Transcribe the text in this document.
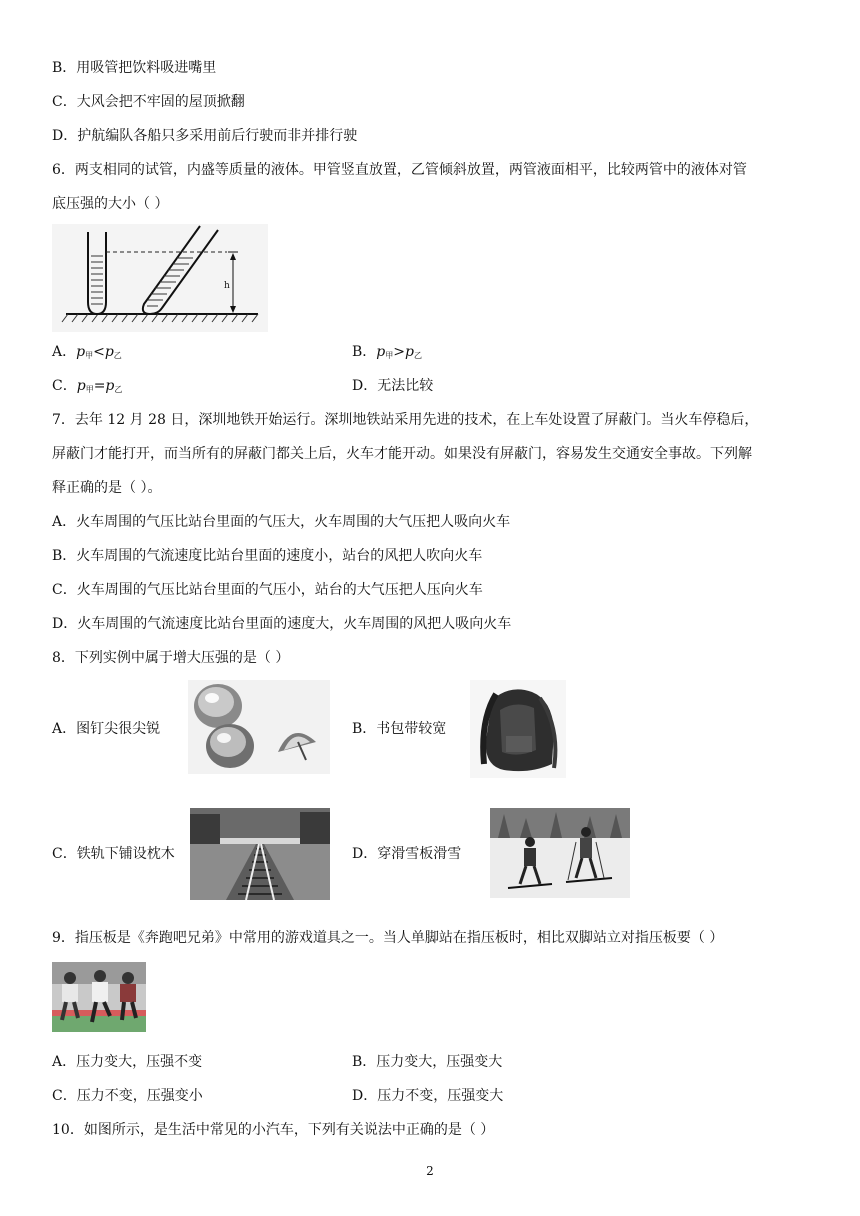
B．用吸管把饮料吸进嘴里
C．大风会把不牢固的屋顶掀翻
D．护航编队各船只多采用前后行驶而非并排行驶
6．两支相同的试管，内盛等质量的液体。甲管竖直放置，乙管倾斜放置，两管液面相平，比较两管中的液体对管
底压强的大小（ ）
h
A．$p_甲<p_乙$	B．$p_甲>p_乙$
C．$p_甲=p_乙$	D．无法比较
7．去年 12 月 28 日，深圳地铁开始运行。深圳地铁站采用先进的技术，在上车处设置了屏蔽门。当火车停稳后，
屏蔽门才能打开，而当所有的屏蔽门都关上后，火车才能开动。如果没有屏蔽门，容易发生交通安全事故。下列解
释正确的是（ ）。
A．火车周围的气压比站台里面的气压大，火车周围的大气压把人吸向火车
B．火车周围的气流速度比站台里面的速度小，站台的风把人吹向火车
C．火车周围的气压比站台里面的气压小，站台的大气压把人压向火车
D．火车周围的气流速度比站台里面的速度大，火车周围的风把人吸向火车
8．下列实例中属于增大压强的是（ ）
A．图钉尖很尖锐	B．书包带较宽
C．铁轨下铺设枕木	D．穿滑雪板滑雪
9．指压板是《奔跑吧兄弟》中常用的游戏道具之一。当人单脚站在指压板时，相比双脚站立对指压板要（ ）
A．压力变大，压强不变	B．压力变大，压强变大
C．压力不变，压强变小	D．压力不变，压强变大
10．如图所示，是生活中常见的小汽车，下列有关说法中正确的是（ ）
2
